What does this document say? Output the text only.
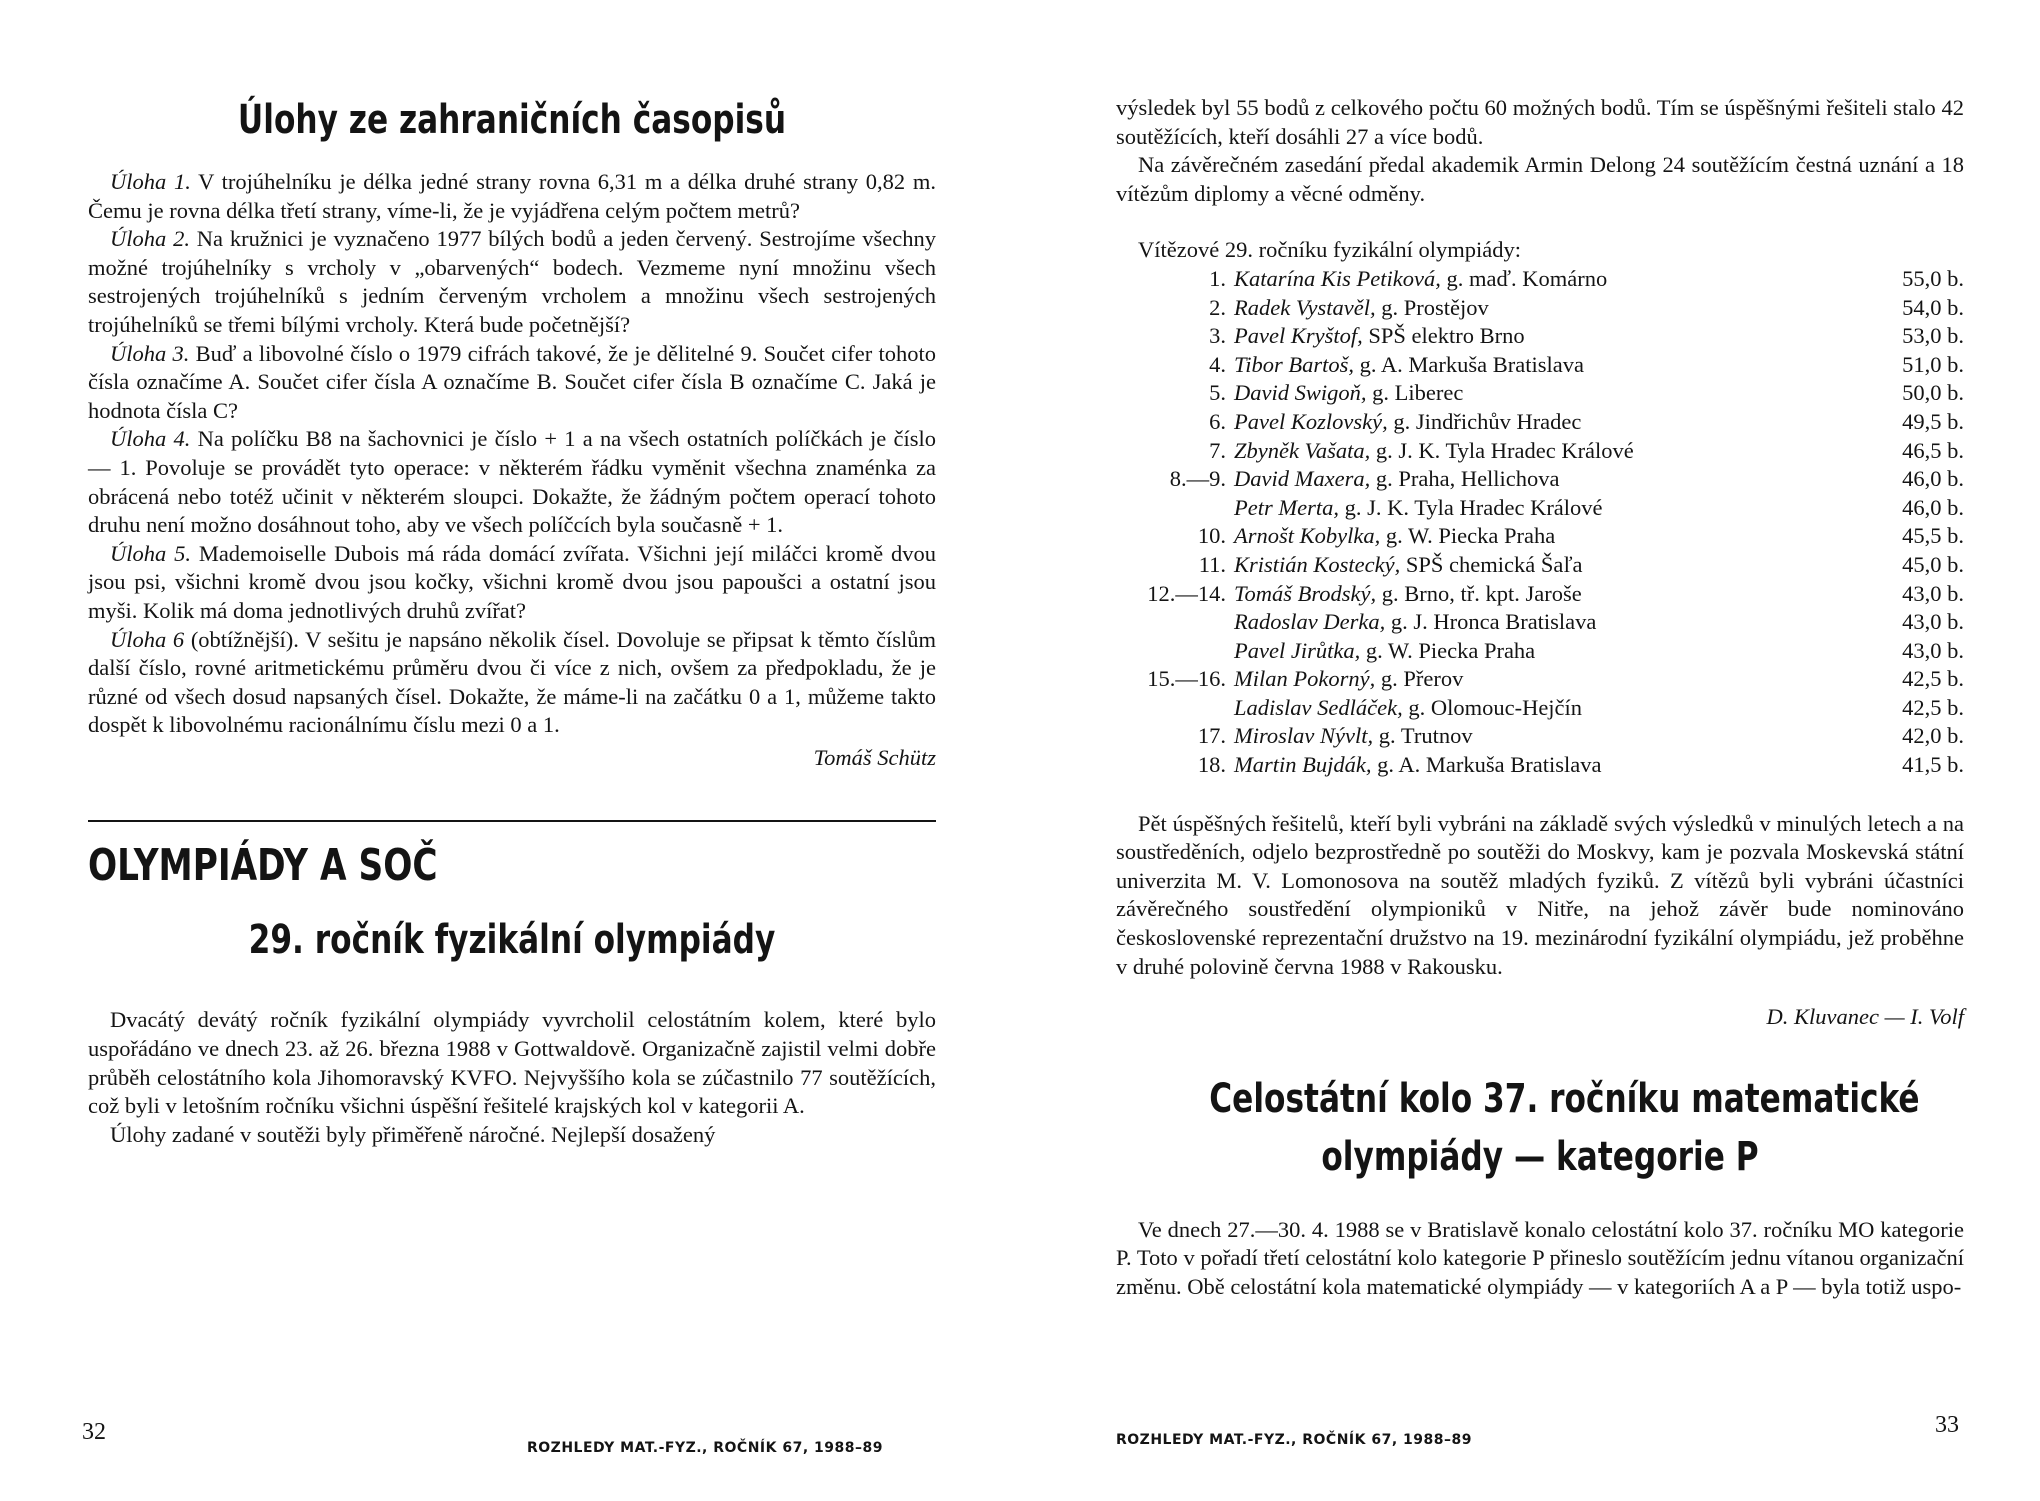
Úlohy ze zahraničních časopisů

Úloha 1. V trojúhelníku je délka jedné strany rovna 6,31 m a délka druhé strany 0,82 m. Čemu je rovna délka třetí strany, víme-li, že je vyjádřena celým počtem metrů?

Úloha 2. Na kružnici je vyznačeno 1977 bílých bodů a jeden červený. Sestrojíme všechny možné trojúhelníky s vrcholy v „obarvených“ bodech. Vezmeme nyní množinu všech sestrojených trojúhelníků s jedním červeným vrcholem a množinu všech sestrojených trojúhelníků se třemi bílými vrcholy. Která bude početnější?

Úloha 3. Buď a libovolné číslo o 1979 cifrách takové, že je dělitelné 9. Součet cifer tohoto čísla označíme A. Součet cifer čísla A označíme B. Součet cifer čísla B označíme C. Jaká je hodnota čísla C?

Úloha 4. Na políčku B8 na šachovnici je číslo + 1 a na všech ostatních políčkách je číslo — 1. Povoluje se provádět tyto operace: v některém řádku vyměnit všechna znaménka za obrácená nebo totéž učinit v některém sloupci. Dokažte, že žádným počtem operací tohoto druhu není možno dosáhnout toho, aby ve všech políčcích byla současně + 1.

Úloha 5. Mademoiselle Dubois má ráda domácí zvířata. Všichni její miláčci kromě dvou jsou psi, všichni kromě dvou jsou kočky, všichni kromě dvou jsou papoušci a ostatní jsou myši. Kolik má doma jednotlivých druhů zvířat?

Úloha 6 (obtížnější). V sešitu je napsáno několik čísel. Dovoluje se připsat k těmto číslům další číslo, rovné aritmetickému průměru dvou či více z nich, ovšem za předpokladu, že je různé od všech dosud napsaných čísel. Dokažte, že máme-li na začátku 0 a 1, můžeme takto dospět k libovolnému racionálnímu číslu mezi 0 a 1.

Tomáš Schütz
OLYMPIÁDY A SOČ
29. ročník fyzikální olympiády

Dvacátý devátý ročník fyzikální olympiády vyvrcholil celostátním kolem, které bylo uspořádáno ve dnech 23. až 26. března 1988 v Gottwaldově. Organizačně zajistil velmi dobře průběh celostátního kola Jihomoravský KVFO. Nejvyššího kola se zúčastnilo 77 soutěžících, což byli v letošním ročníku všichni úspěšní řešitelé krajských kol v kategorii A.

Úlohy zadané v soutěži byly přiměřeně náročné. Nejlepší dosažený

32
ROZHLEDY MAT.-FYZ., ROČNÍK 67, 1988–89

výsledek byl 55 bodů z celkového počtu 60 možných bodů. Tím se úspěšnými řešiteli stalo 42 soutěžících, kteří dosáhli 27 a více bodů.

Na závěrečném zasedání předal akademik Armin Delong 24 soutěžícím čestná uznání a 18 vítězům diplomy a věcné odměny.

Vítězové 29. ročníku fyzikální olympiády:

1.	Katarína Kis Petiková, g. maď. Komárno	55,0 b.
2.	Radek Vystavěl, g. Prostějov	54,0 b.
3.	Pavel Kryštof, SPŠ elektro Brno	53,0 b.
4.	Tibor Bartoš, g. A. Markuša Bratislava	51,0 b.
5.	David Swigoň, g. Liberec	50,0 b.
6.	Pavel Kozlovský, g. Jindřichův Hradec	49,5 b.
7.	Zbyněk Vašata, g. J. K. Tyla Hradec Králové	46,5 b.
8.—9.	David Maxera, g. Praha, Hellichova	46,0 b.
	Petr Merta, g. J. K. Tyla Hradec Králové	46,0 b.
10.	Arnošt Kobylka, g. W. Piecka Praha	45,5 b.
11.	Kristián Kostecký, SPŠ chemická Šaľa	45,0 b.
12.—14.	Tomáš Brodský, g. Brno, tř. kpt. Jaroše	43,0 b.
	Radoslav Derka, g. J. Hronca Bratislava	43,0 b.
	Pavel Jirůtka, g. W. Piecka Praha	43,0 b.
15.—16.	Milan Pokorný, g. Přerov	42,5 b.
	Ladislav Sedláček, g. Olomouc-Hejčín	42,5 b.
17.	Miroslav Nývlt, g. Trutnov	42,0 b.
18.	Martin Bujdák, g. A. Markuša Bratislava	41,5 b.

Pět úspěšných řešitelů, kteří byli vybráni na základě svých výsledků v minulých letech a na soustředěních, odjelo bezprostředně po soutěži do Moskvy, kam je pozvala Moskevská státní univerzita M. V. Lomonosova na soutěž mladých fyziků. Z vítězů byli vybráni účastníci závěrečného soustředění olympioniků v Nitře, na jehož závěr bude nominováno československé reprezentační družstvo na 19. mezinárodní fyzikální olympiádu, jež proběhne v druhé polovině června 1988 v Rakousku.

D. Kluvanec — I. Volf
Celostátní kolo 37. ročníku matematické
olympiády — kategorie P

Ve dnech 27.—30. 4. 1988 se v Bratislavě konalo celostátní kolo 37. ročníku MO kategorie P. Toto v pořadí třetí celostátní kolo kategorie P přineslo soutěžícím jednu vítanou organizační změnu. Obě celostátní kola matematické olympiády — v kategoriích A a P — byla totiž uspo-

ROZHLEDY MAT.-FYZ., ROČNÍK 67, 1988–89
33
